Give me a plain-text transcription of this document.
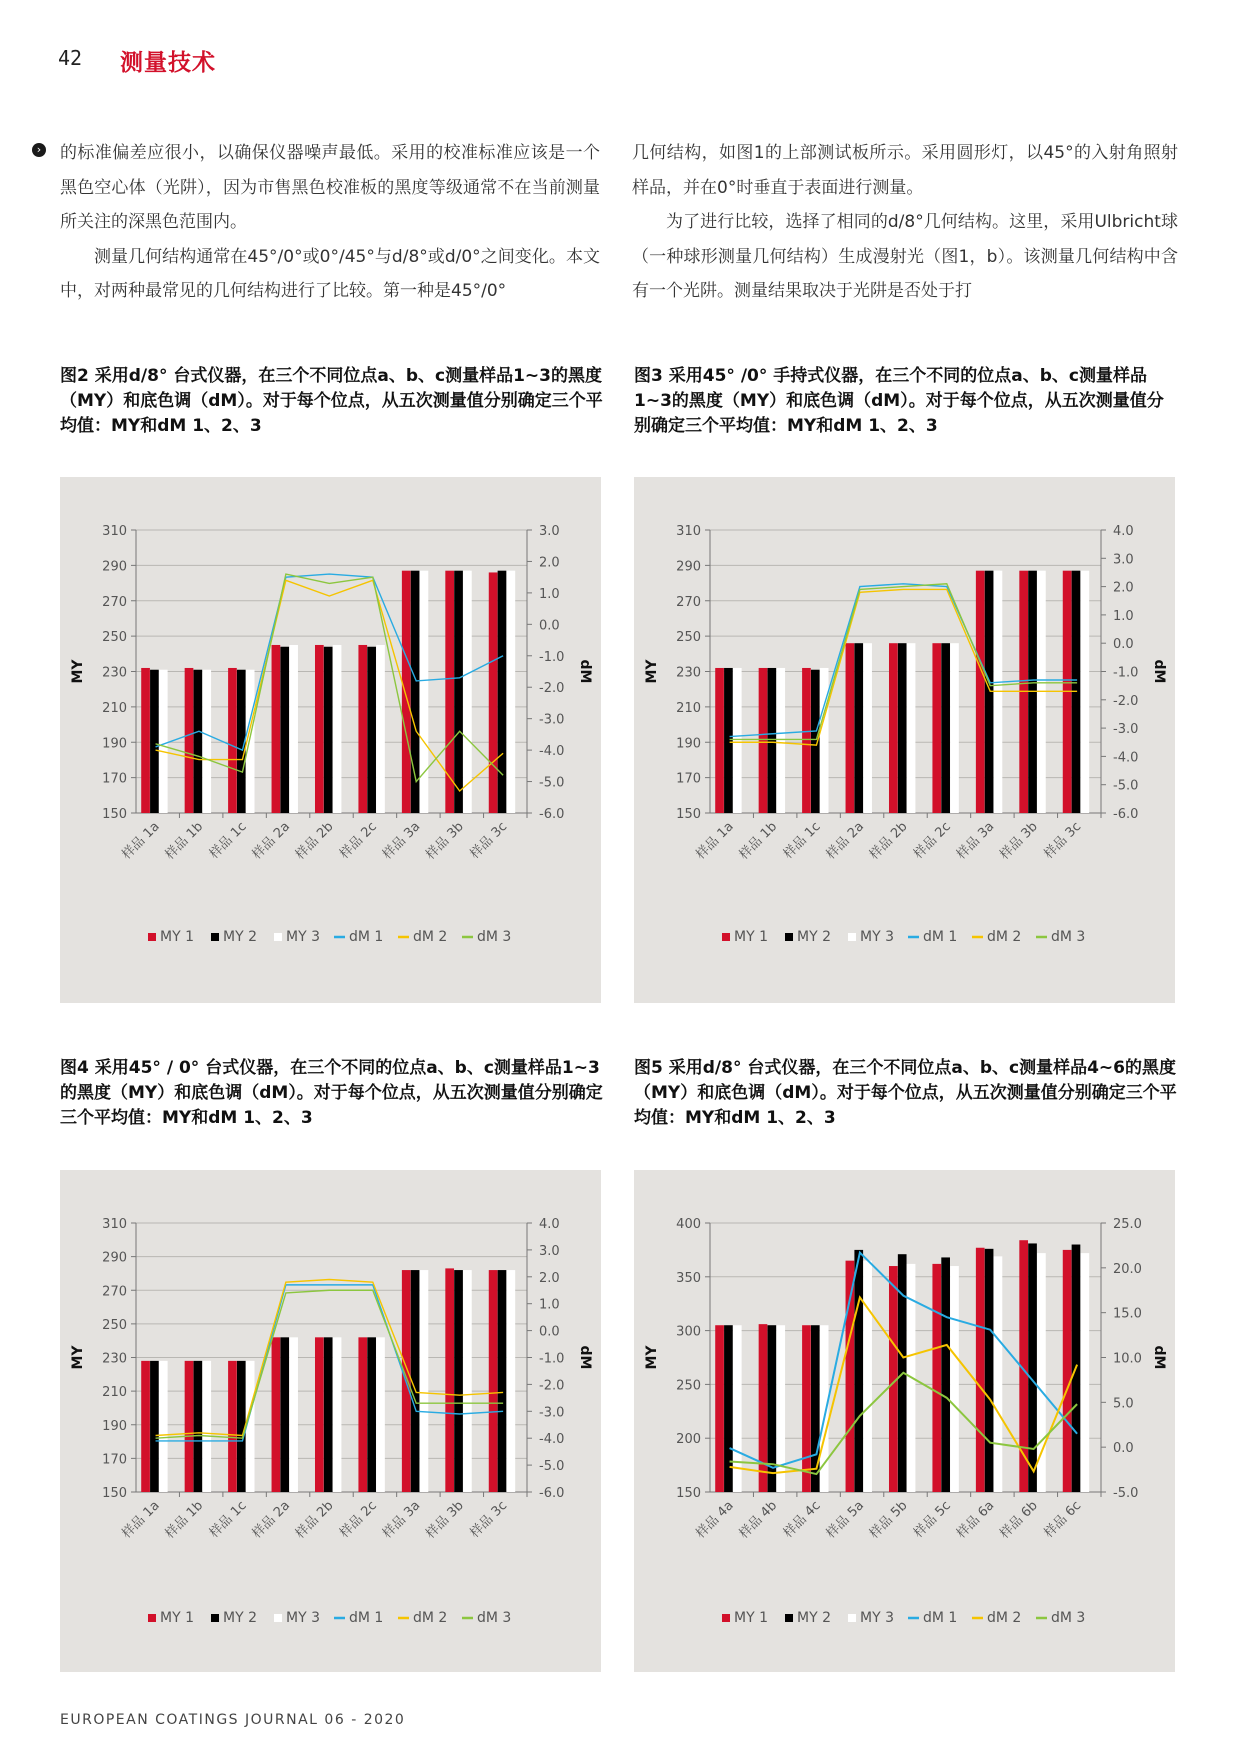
42 测量技术
› 的标准偏差应很小，以确保仪器噪声最低。采用的校准标准应该是一个黑色空心体（光阱），因为市售黑色校准板的黑度等级通常不在当前测量所关注的深黑色范围内。

测量几何结构通常在45°/0°或0°/45°与d/8°或d/0°之间变化。本文中，对两种最常见的几何结构进行了比较。第一种是45°/0°

几何结构，如图1的上部测试板所示。采用圆形灯，以45°的入射角照射样品，并在0°时垂直于表面进行测量。

为了进行比较，选择了相同的d/8°几何结构。这里，采用Ulbricht球（一种球形测量几何结构）生成漫射光（图1，b）。该测量几何结构中含有一个光阱。测量结果取决于光阱是否处于打

图2 采用d/8° 台式仪器，在三个不同位点a、b、c测量样品1~3的黑度（MY）和底色调（dM）。对于每个位点，从五次测量值分别确定三个平均值：MY和dM 1、2、3
图3 采用45° /0° 手持式仪器，在三个不同的位点a、b、c测量样品1~3的黑度（MY）和底色调（dM）。对于每个位点，从五次测量值分别确定三个平均值：MY和dM 1、2、3
图4 采用45° / 0° 台式仪器，在三个不同的位点a、b、c测量样品1~3的黑度（MY）和底色调（dM）。对于每个位点，从五次测量值分别确定三个平均值：MY和dM 1、2、3
图5 采用d/8° 台式仪器，在三个不同位点a、b、c测量样品4~6的黑度（MY）和底色调（dM）。对于每个位点，从五次测量值分别确定三个平均值：MY和dM 1、2、3
310
290
270
250
230
210
190
170
150
3.0
2.0
1.0
0.0
-1.0
-2.0
-3.0
-4.0
-5.0
-6.0
MY	dM
样品 1a 样品 1b 样品 1c 样品 2a 样品 2b 样品 2c 样品 3a 样品 3b 样品 3c
MY 1 MY 2 MY 3 dM 1 dM 2 dM 3
310
290
270
250
230
210
190
170
150
4.0
3.0
2.0
1.0
0.0
-1.0
-2.0
-3.0
-4.0
-5.0
-6.0
MY	dM
样品 1a 样品 1b 样品 1c 样品 2a 样品 2b 样品 2c 样品 3a 样品 3b 样品 3c
MY 1 MY 2 MY 3 dM 1 dM 2 dM 3
310
290
270
250
230
210
190
170
150
4.0
3.0
2.0
1.0
0.0
-1.0
-2.0
-3.0
-4.0
-5.0
-6.0
MY	dM
样品 1a 样品 1b 样品 1c 样品 2a 样品 2b 样品 2c 样品 3a 样品 3b 样品 3c
MY 1 MY 2 MY 3 dM 1 dM 2 dM 3
400
350
300
250
200
150
25.0
20.0
15.0
10.0
5.0
0.0
-5.0
MY	dM
样品 4a 样品 4b 样品 4c 样品 5a 样品 5b 样品 5c 样品 6a 样品 6b 样品 6c
MY 1 MY 2 MY 3 dM 1 dM 2 dM 3
EUROPEAN COATINGS JOURNAL 06 - 2020
